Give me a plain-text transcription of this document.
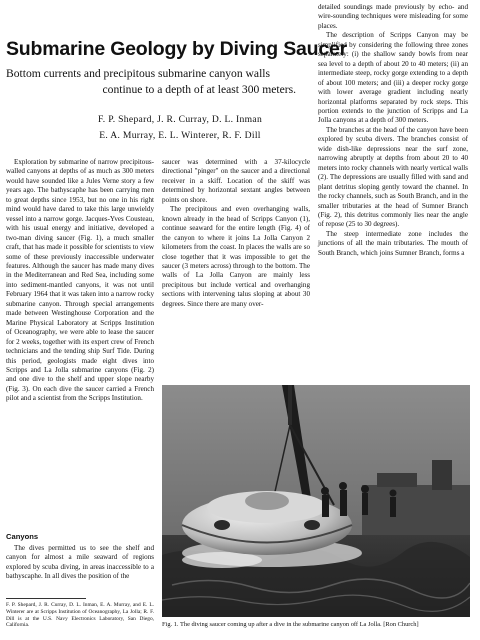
Submarine Geology by Diving Saucer
Bottom currents and precipitous submarine canyon walls
continue to a depth of at least 300 meters.
F. P. Shepard, J. R. Curray, D. L. Inman
E. A. Murray, E. L. Winterer, R. F. Dill

Exploration by submarine of narrow precipitous-walled canyons at depths of as much as 300 meters would have sounded like a Jules Verne story a few years ago. The bathyscaphe has been carrying men to great depths since 1953, but no one in his right mind would have dared to take this large unwieldy vessel into a narrow gorge. Jacques-Yves Cousteau, with his usual energy and initiative, developed a two-man diving saucer (Fig. 1), a much smaller craft, that has made it possible for scientists to view some of these previously inaccessible underwater features. Although the saucer has made many dives in the Mediterranean and Red Sea, including some into sediment-mantled canyons, it was not until February 1964 that it was taken into a narrow rocky submarine canyon. Through special arrangements made between Westinghouse Corporation and the Marine Physical Laboratory at Scripps Institution of Oceanography, we were able to lease the saucer for 2 weeks, together with its expert crew of French technicians and the tending ship Surf Tide. During this period, geologists made eight dives into Scripps and La Jolla submarine canyons (Fig. 2) and one dive to the shelf and upper slope nearby (Fig. 3). On each dive the saucer carried a French pilot and a scientist from the Scripps Institution.

Canyons

The dives permitted us to see the shelf and canyon for almost a mile seaward of regions explored by scuba diving, in areas inaccessible to a bathyscaphe. In all dives the position of the

F. P. Shepard, J. R. Curray, D. L. Inman, E. A. Murray, and E. L. Winterer are at Scripps Institution of Oceanography, La Jolla; R. F. Dill is at the U.S. Navy Electronics Laboratory, San Diego, California.

saucer was determined with a 37-kilocycle directional "pinger" on the saucer and a directional receiver in a skiff. Location of the skiff was determined by horizontal sextant angles between points on shore.

The precipitous and even overhanging walls, known already in the head of Scripps Canyon (1), continue seaward for the entire length (Fig. 4) of the canyon to where it joins La Jolla Canyon 2 kilometers from the coast. In places the walls are so close together that it was impossible to get the saucer (3 meters across) through to the bottom. The walls of La Jolla Canyon are mainly less precipitous but include vertical and overhanging sections with intervening talus sloping at about 30 degrees. Since there are many over-

detailed soundings made previously by echo- and wire-sounding techniques were misleading for some places.

The description of Scripps Canyon may be simplified by considering the following three zones separately: (i) the shallow sandy bowls from near sea level to a depth of about 20 to 40 meters; (ii) an intermediate steep, rocky gorge extending to a depth of about 100 meters; and (iii) a deeper rocky gorge with lower average gradient including nearly horizontal platforms separated by rock steps. This portion extends to the junction of Scripps and La Jolla canyons at a depth of 300 meters.

The branches at the head of the canyon have been explored by scuba divers. The branches consist of wide dish-like depressions near the surf zone, narrowing abruptly at depths from about 20 to 40 meters into rocky channels with nearly vertical walls (2). The depressions are usually filled with sand and plant detritus sloping gently toward the channel. In the rocky channels, such as South Branch, and in the smaller tributaries at the head of Sumner Branch (Fig. 2), this detritus commonly lies near the angle of repose (25 to 30 degrees).

The steep intermediate zone includes the junctions of all the main tributaries. The mouth of South Branch, which joins Sumner Branch, forms a

Fig. 1. The diving saucer coming up after a dive in the submarine canyon off La Jolla. [Ron Church]
